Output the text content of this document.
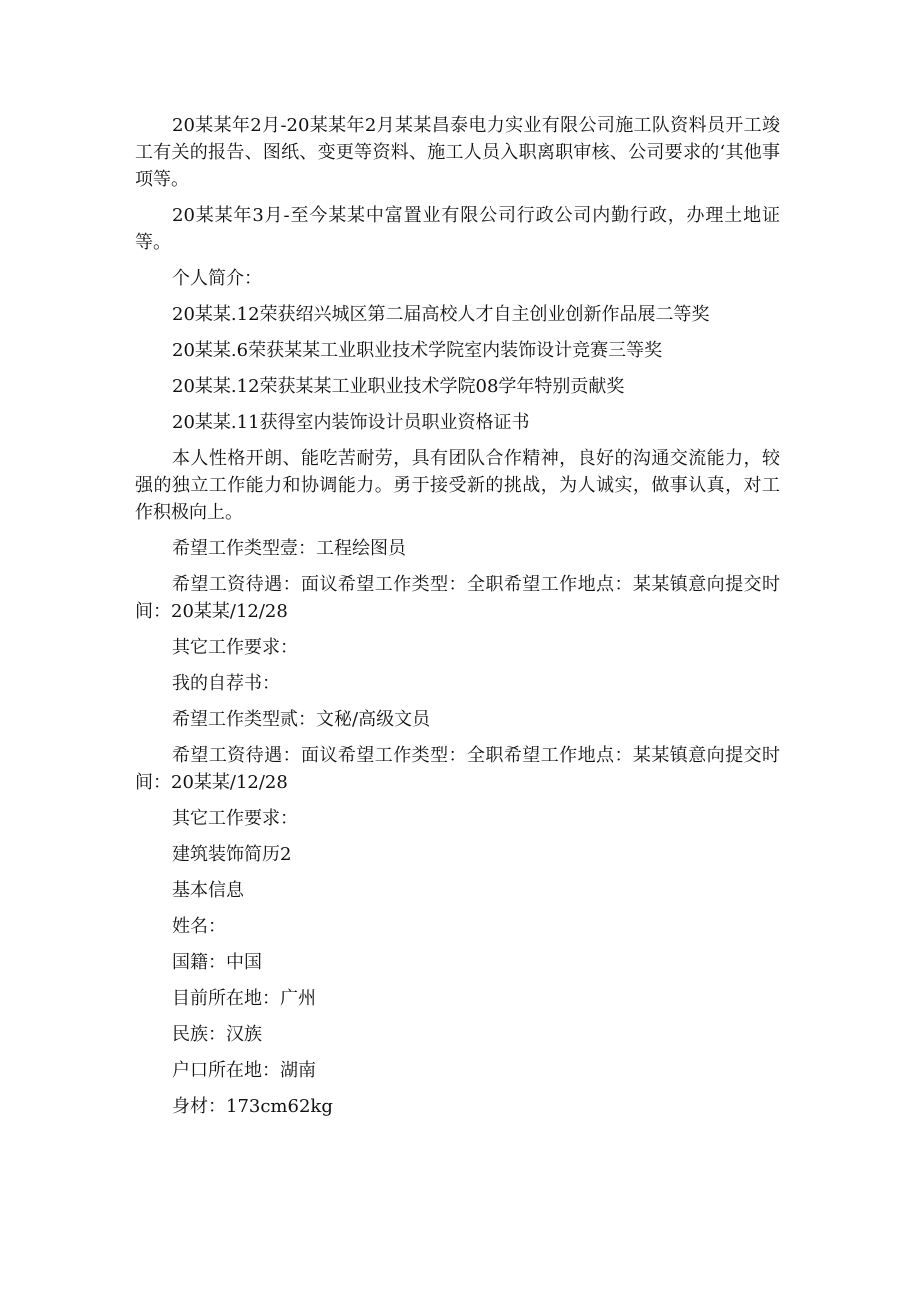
20某某年2月-20某某年2月某某昌泰电力实业有限公司施工队资料员开工竣工有关的报告、图纸、变更等资料、施工人员入职离职审核、公司要求的‘其他事项等。

20某某年3月-至今某某中富置业有限公司行政公司内勤行政，办理土地证等。

个人简介：

20某某.12荣获绍兴城区第二届高校人才自主创业创新作品展二等奖

20某某.6荣获某某工业职业技术学院室内装饰设计竞赛三等奖

20某某.12荣获某某工业职业技术学院08学年特别贡献奖

20某某.11获得室内装饰设计员职业资格证书

本人性格开朗、能吃苦耐劳，具有团队合作精神，良好的沟通交流能力，较强的独立工作能力和协调能力。勇于接受新的挑战，为人诚实，做事认真，对工作积极向上。

希望工作类型壹：工程绘图员

希望工资待遇：面议希望工作类型：全职希望工作地点：某某镇意向提交时间：20某某/12/28

其它工作要求：

我的自荐书：

希望工作类型贰：文秘/高级文员

希望工资待遇：面议希望工作类型：全职希望工作地点：某某镇意向提交时间：20某某/12/28

其它工作要求：

建筑装饰简历2

基本信息

姓名：

国籍：中国

目前所在地：广州

民族：汉族

户口所在地：湖南

身材：173cm62kg
